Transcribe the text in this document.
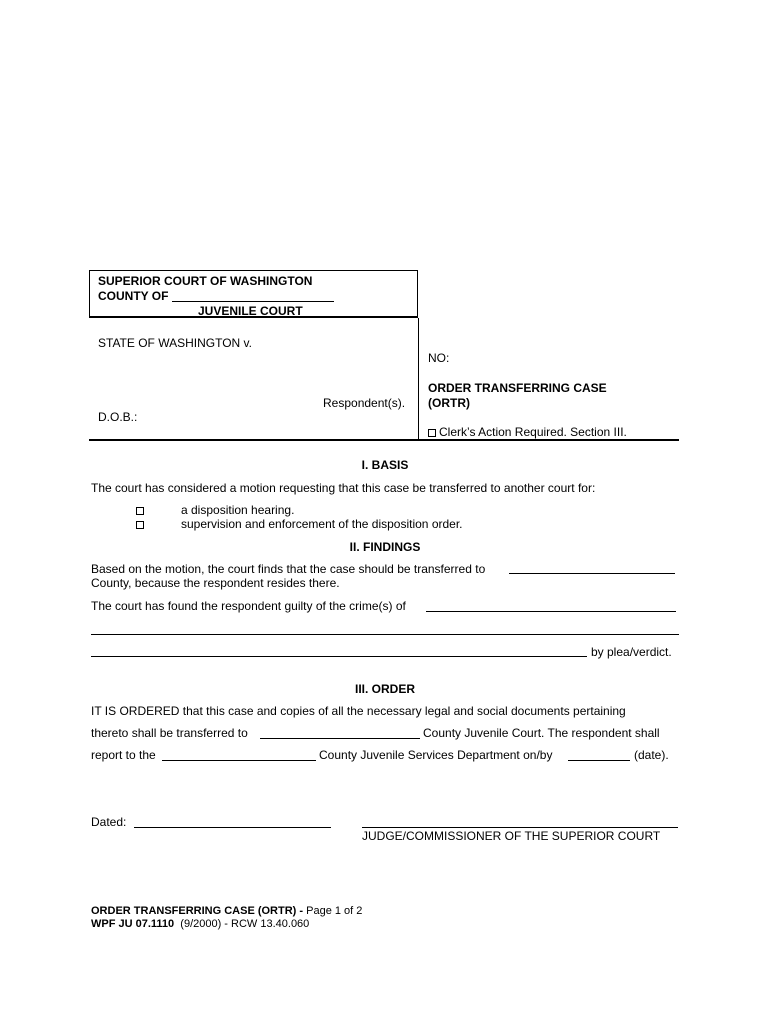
SUPERIOR COURT OF WASHINGTON
COUNTY OF
JUVENILE COURT
STATE OF WASHINGTON v.
Respondent(s).
D.O.B.:
NO:
ORDER TRANSFERRING CASE
(ORTR)
Clerk’s Action Required. Section III.
I. BASIS
The court has considered a motion requesting that this case be transferred to another court for:
a disposition hearing.
supervision and enforcement of the disposition order.
II. FINDINGS
Based on the motion, the court finds that the case should be transferred to
County, because the respondent resides there.
The court has found the respondent guilty of the crime(s) of
by plea/verdict.
III. ORDER
IT IS ORDERED that this case and copies of all the necessary legal and social documents pertaining
thereto shall be transferred to	County Juvenile Court. The respondent shall
report to the	County Juvenile Services Department on/by	(date).
Dated:
JUDGE/COMMISSIONER OF THE SUPERIOR COURT
ORDER TRANSFERRING CASE (ORTR) - Page 1 of 2
WPF JU 07.1110  (9/2000) - RCW 13.40.060
